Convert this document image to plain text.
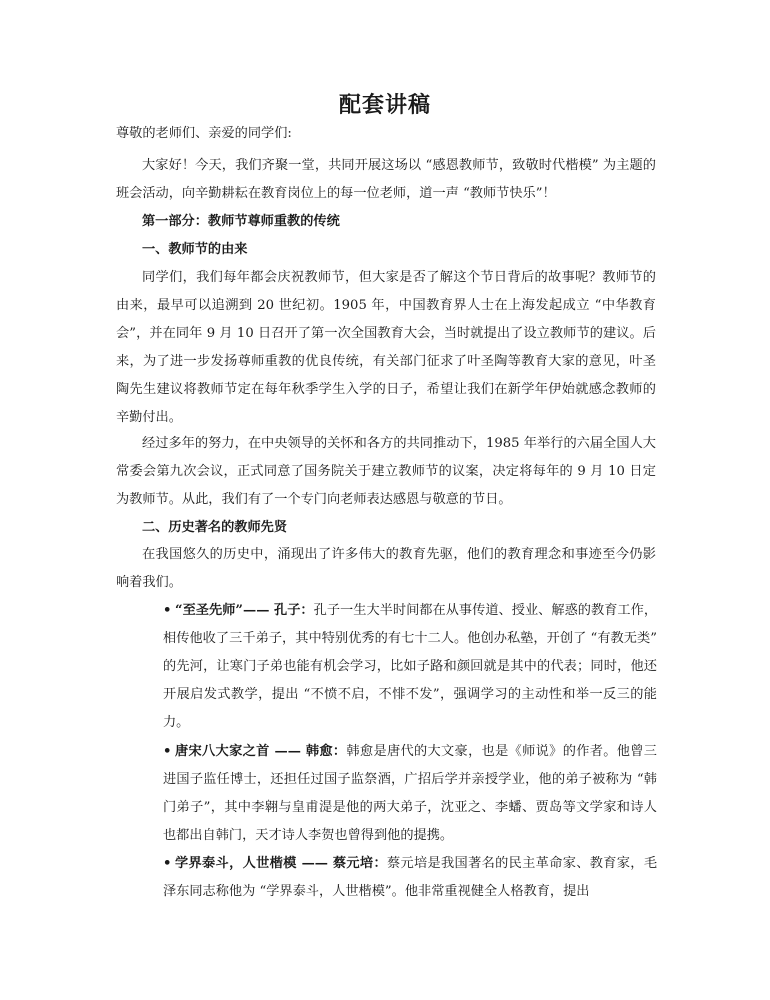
配套讲稿
尊敬的老师们、亲爱的同学们:
大家好！今天，我们齐聚一堂，共同开展这场以 “感恩教师节，致敬时代楷模” 为主题的班会活动，向辛勤耕耘在教育岗位上的每一位老师，道一声 “教师节快乐”！
第一部分：教师节尊师重教的传统
一、教师节的由来
同学们，我们每年都会庆祝教师节，但大家是否了解这个节日背后的故事呢？教师节的由来，最早可以追溯到 20 世纪初。1905 年，中国教育界人士在上海发起成立 “中华教育会”，并在同年 9 月 10 日召开了第一次全国教育大会，当时就提出了设立教师节的建议。后来，为了进一步发扬尊师重教的优良传统，有关部门征求了叶圣陶等教育大家的意见，叶圣陶先生建议将教师节定在每年秋季学生入学的日子，希望让我们在新学年伊始就感念教师的辛勤付出。
经过多年的努力，在中央领导的关怀和各方的共同推动下，1985 年举行的六届全国人大常委会第九次会议，正式同意了国务院关于建立教师节的议案，决定将每年的 9 月 10 日定为教师节。从此，我们有了一个专门向老师表达感恩与敬意的节日。
二、历史著名的教师先贤
在我国悠久的历史中，涌现出了许多伟大的教育先驱，他们的教育理念和事迹至今仍影响着我们。
• “至圣先师”—— 孔子：孔子一生大半时间都在从事传道、授业、解惑的教育工作，相传他收了三千弟子，其中特别优秀的有七十二人。他创办私塾，开创了 “有教无类” 的先河，让寒门子弟也能有机会学习，比如子路和颜回就是其中的代表；同时，他还开展启发式教学，提出 “不愤不启，不悱不发”，强调学习的主动性和举一反三的能力。
• 唐宋八大家之首 —— 韩愈：韩愈是唐代的大文豪，也是《师说》的作者。他曾三进国子监任博士，还担任过国子监祭酒，广招后学并亲授学业，他的弟子被称为 “韩门弟子”，其中李翱与皇甫湜是他的两大弟子，沈亚之、李蟠、贾岛等文学家和诗人也都出自韩门，天才诗人李贺也曾得到他的提携。
• 学界泰斗，人世楷模 —— 蔡元培：蔡元培是我国著名的民主革命家、教育家，毛泽东同志称他为 “学界泰斗，人世楷模”。他非常重视健全人格教育，提出
